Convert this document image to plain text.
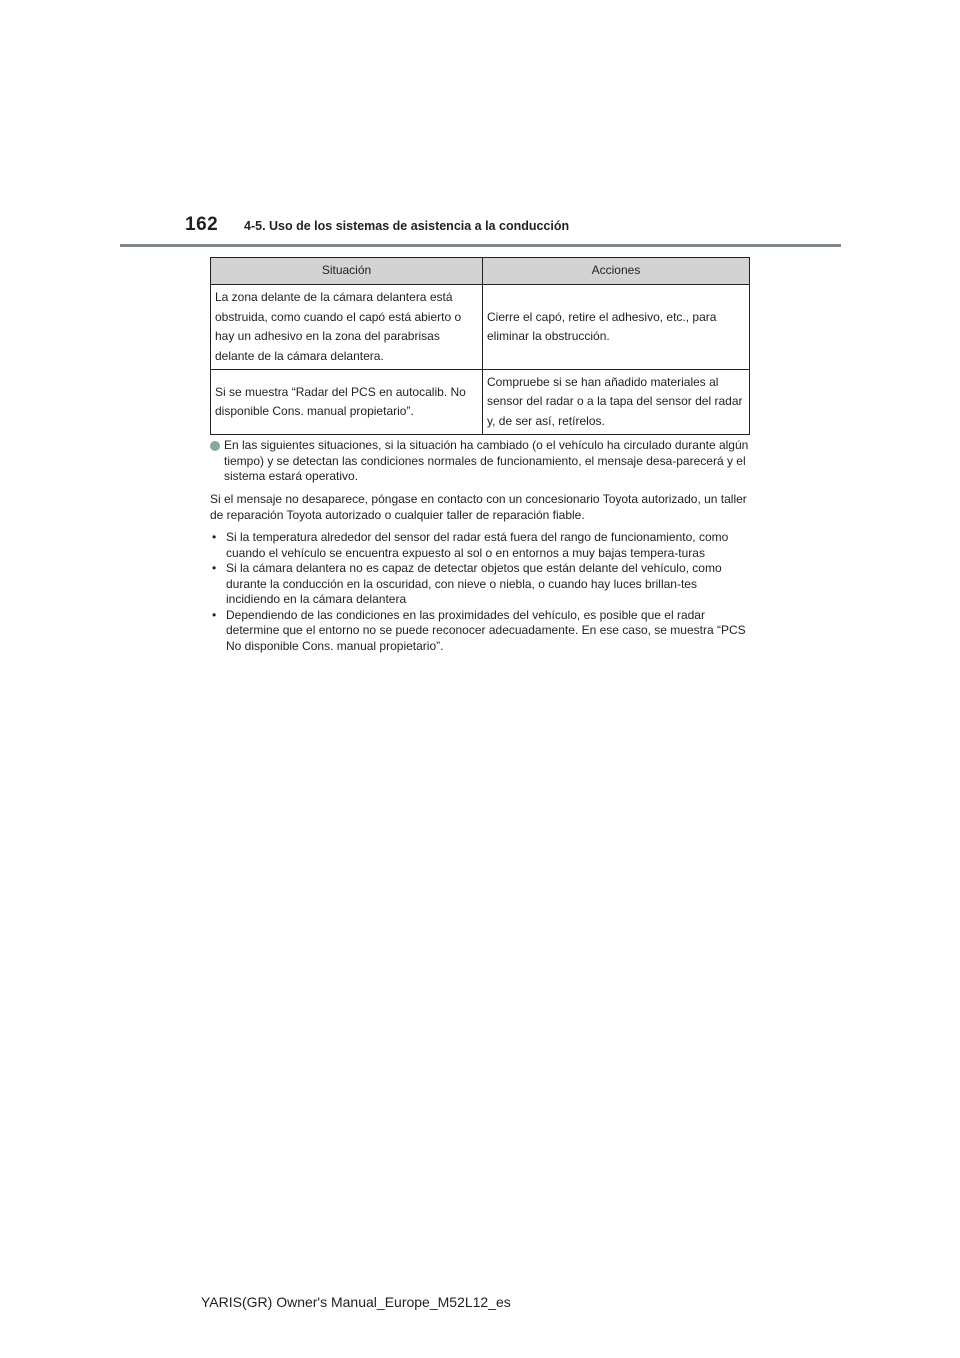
162 4-5. Uso de los sistemas de asistencia a la conducción
Situación	Acciones
La zona delante de la cámara delantera está obstruida, como cuando el capó está abierto o hay un adhesivo en la zona del parabrisas delante de la cámara delantera.	Cierre el capó, retire el adhesivo, etc., para eliminar la obstrucción.
Si se muestra “Radar del PCS en autocalib. No disponible Cons. manual propietario”.	Compruebe si se han añadido materiales al sensor del radar o a la tapa del sensor del radar y, de ser así, retírelos.
En las siguientes situaciones, si la situación ha cambiado (o el vehículo ha circulado durante algún tiempo) y se detectan las condiciones normales de funcionamiento, el mensaje desa-parecerá y el sistema estará operativo.
Si el mensaje no desaparece, póngase en contacto con un concesionario Toyota autorizado, un taller de reparación Toyota autorizado o cualquier taller de reparación fiable.
• Si la temperatura alrededor del sensor del radar está fuera del rango de funcionamiento, como cuando el vehículo se encuentra expuesto al sol o en entornos a muy bajas tempera-turas
• Si la cámara delantera no es capaz de detectar objetos que están delante del vehículo, como durante la conducción en la oscuridad, con nieve o niebla, o cuando hay luces brillan-tes incidiendo en la cámara delantera
• Dependiendo de las condiciones en las proximidades del vehículo, es posible que el radar determine que el entorno no se puede reconocer adecuadamente. En ese caso, se muestra “PCS No disponible Cons. manual propietario”.
YARIS(GR) Owner's Manual_Europe_M52L12_es
